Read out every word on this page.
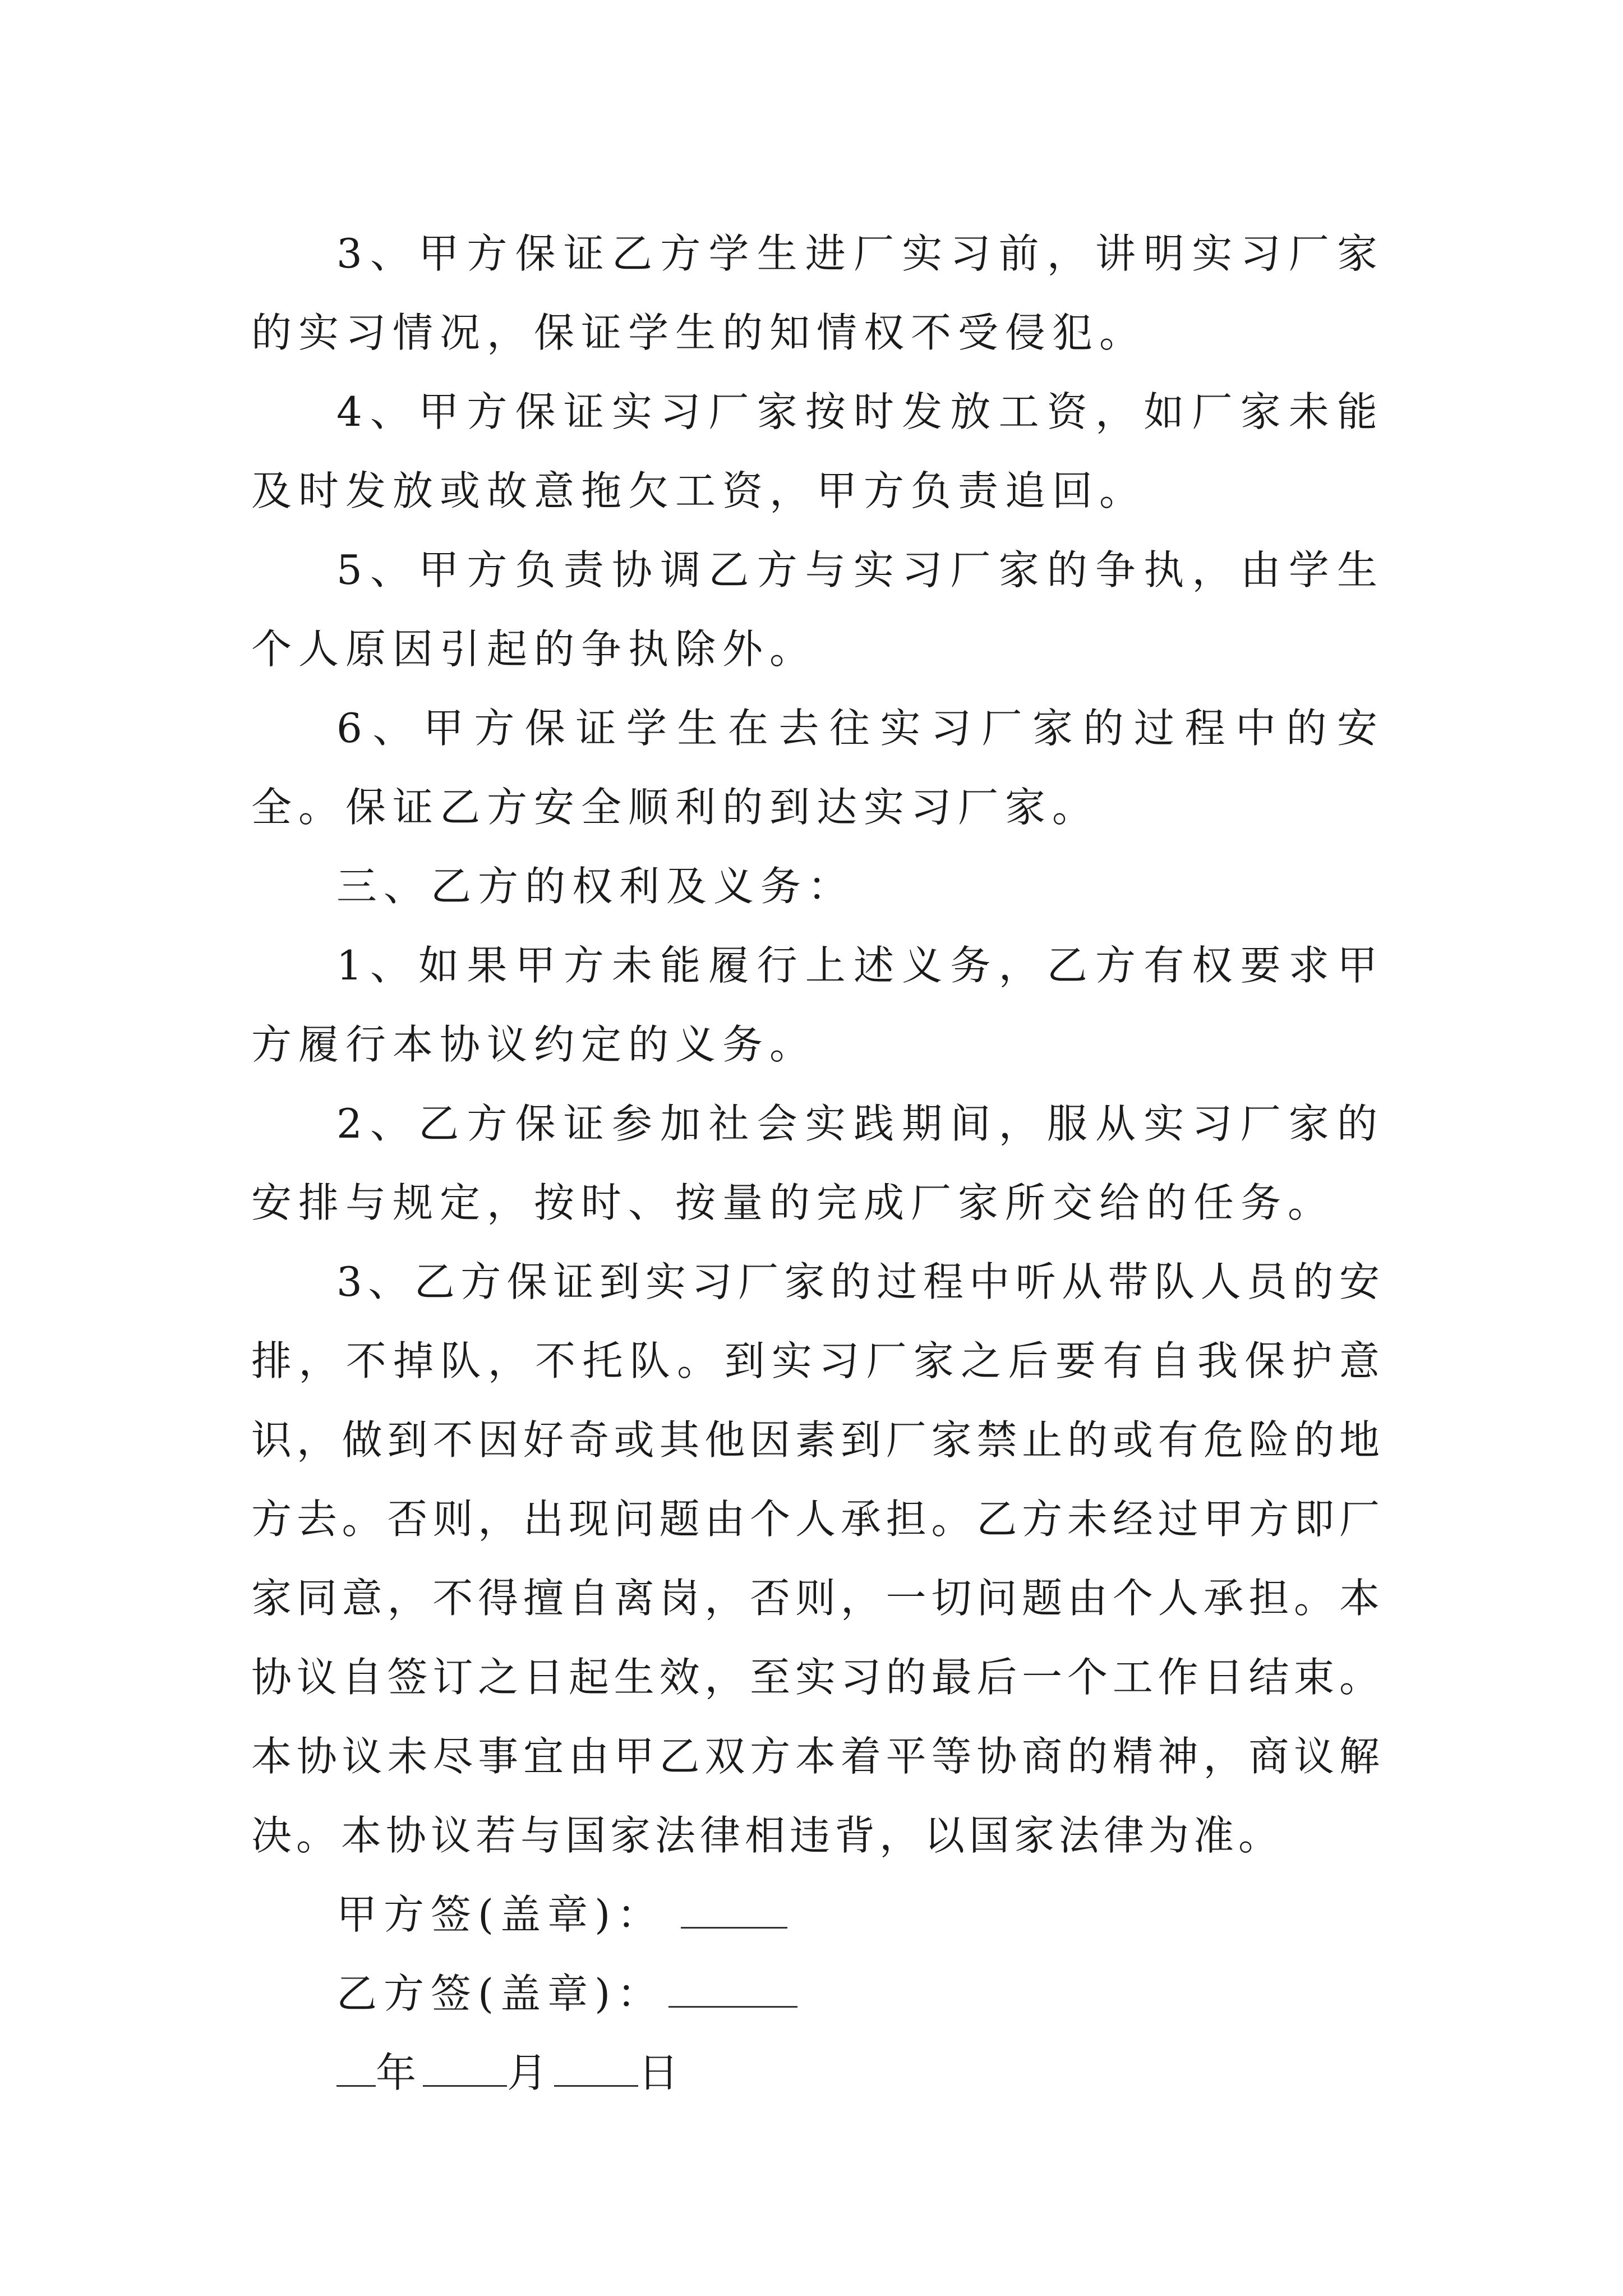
3、甲方保证乙方学生进厂实习前，讲明实习厂家的实习情况，保证学生的知情权不受侵犯。

4、甲方保证实习厂家按时发放工资，如厂家未能及时发放或故意拖欠工资，甲方负责追回。

5、甲方负责协调乙方与实习厂家的争执，由学生个人原因引起的争执除外。

6、甲方保证学生在去往实习厂家的过程中的安全。保证乙方安全顺利的到达实习厂家。

三、乙方的权利及义务：

1、如果甲方未能履行上述义务，乙方有权要求甲方履行本协议约定的义务。

2、乙方保证参加社会实践期间，服从实习厂家的安排与规定，按时、按量的完成厂家所交给的任务。

3、乙方保证到实习厂家的过程中听从带队人员的安排，不掉队，不托队。到实习厂家之后要有自我保护意识，做到不因好奇或其他因素到厂家禁止的或有危险的地方去。否则，出现问题由个人承担。乙方未经过甲方即厂家同意，不得擅自离岗，否则，一切问题由个人承担。本协议自签订之日起生效，至实习的最后一个工作日结束。本协议未尽事宜由甲乙双方本着平等协商的精神，商议解决。本协议若与国家法律相违背，以国家法律为准。

甲方签(盖章)：
乙方签(盖章)：
年 月 日
